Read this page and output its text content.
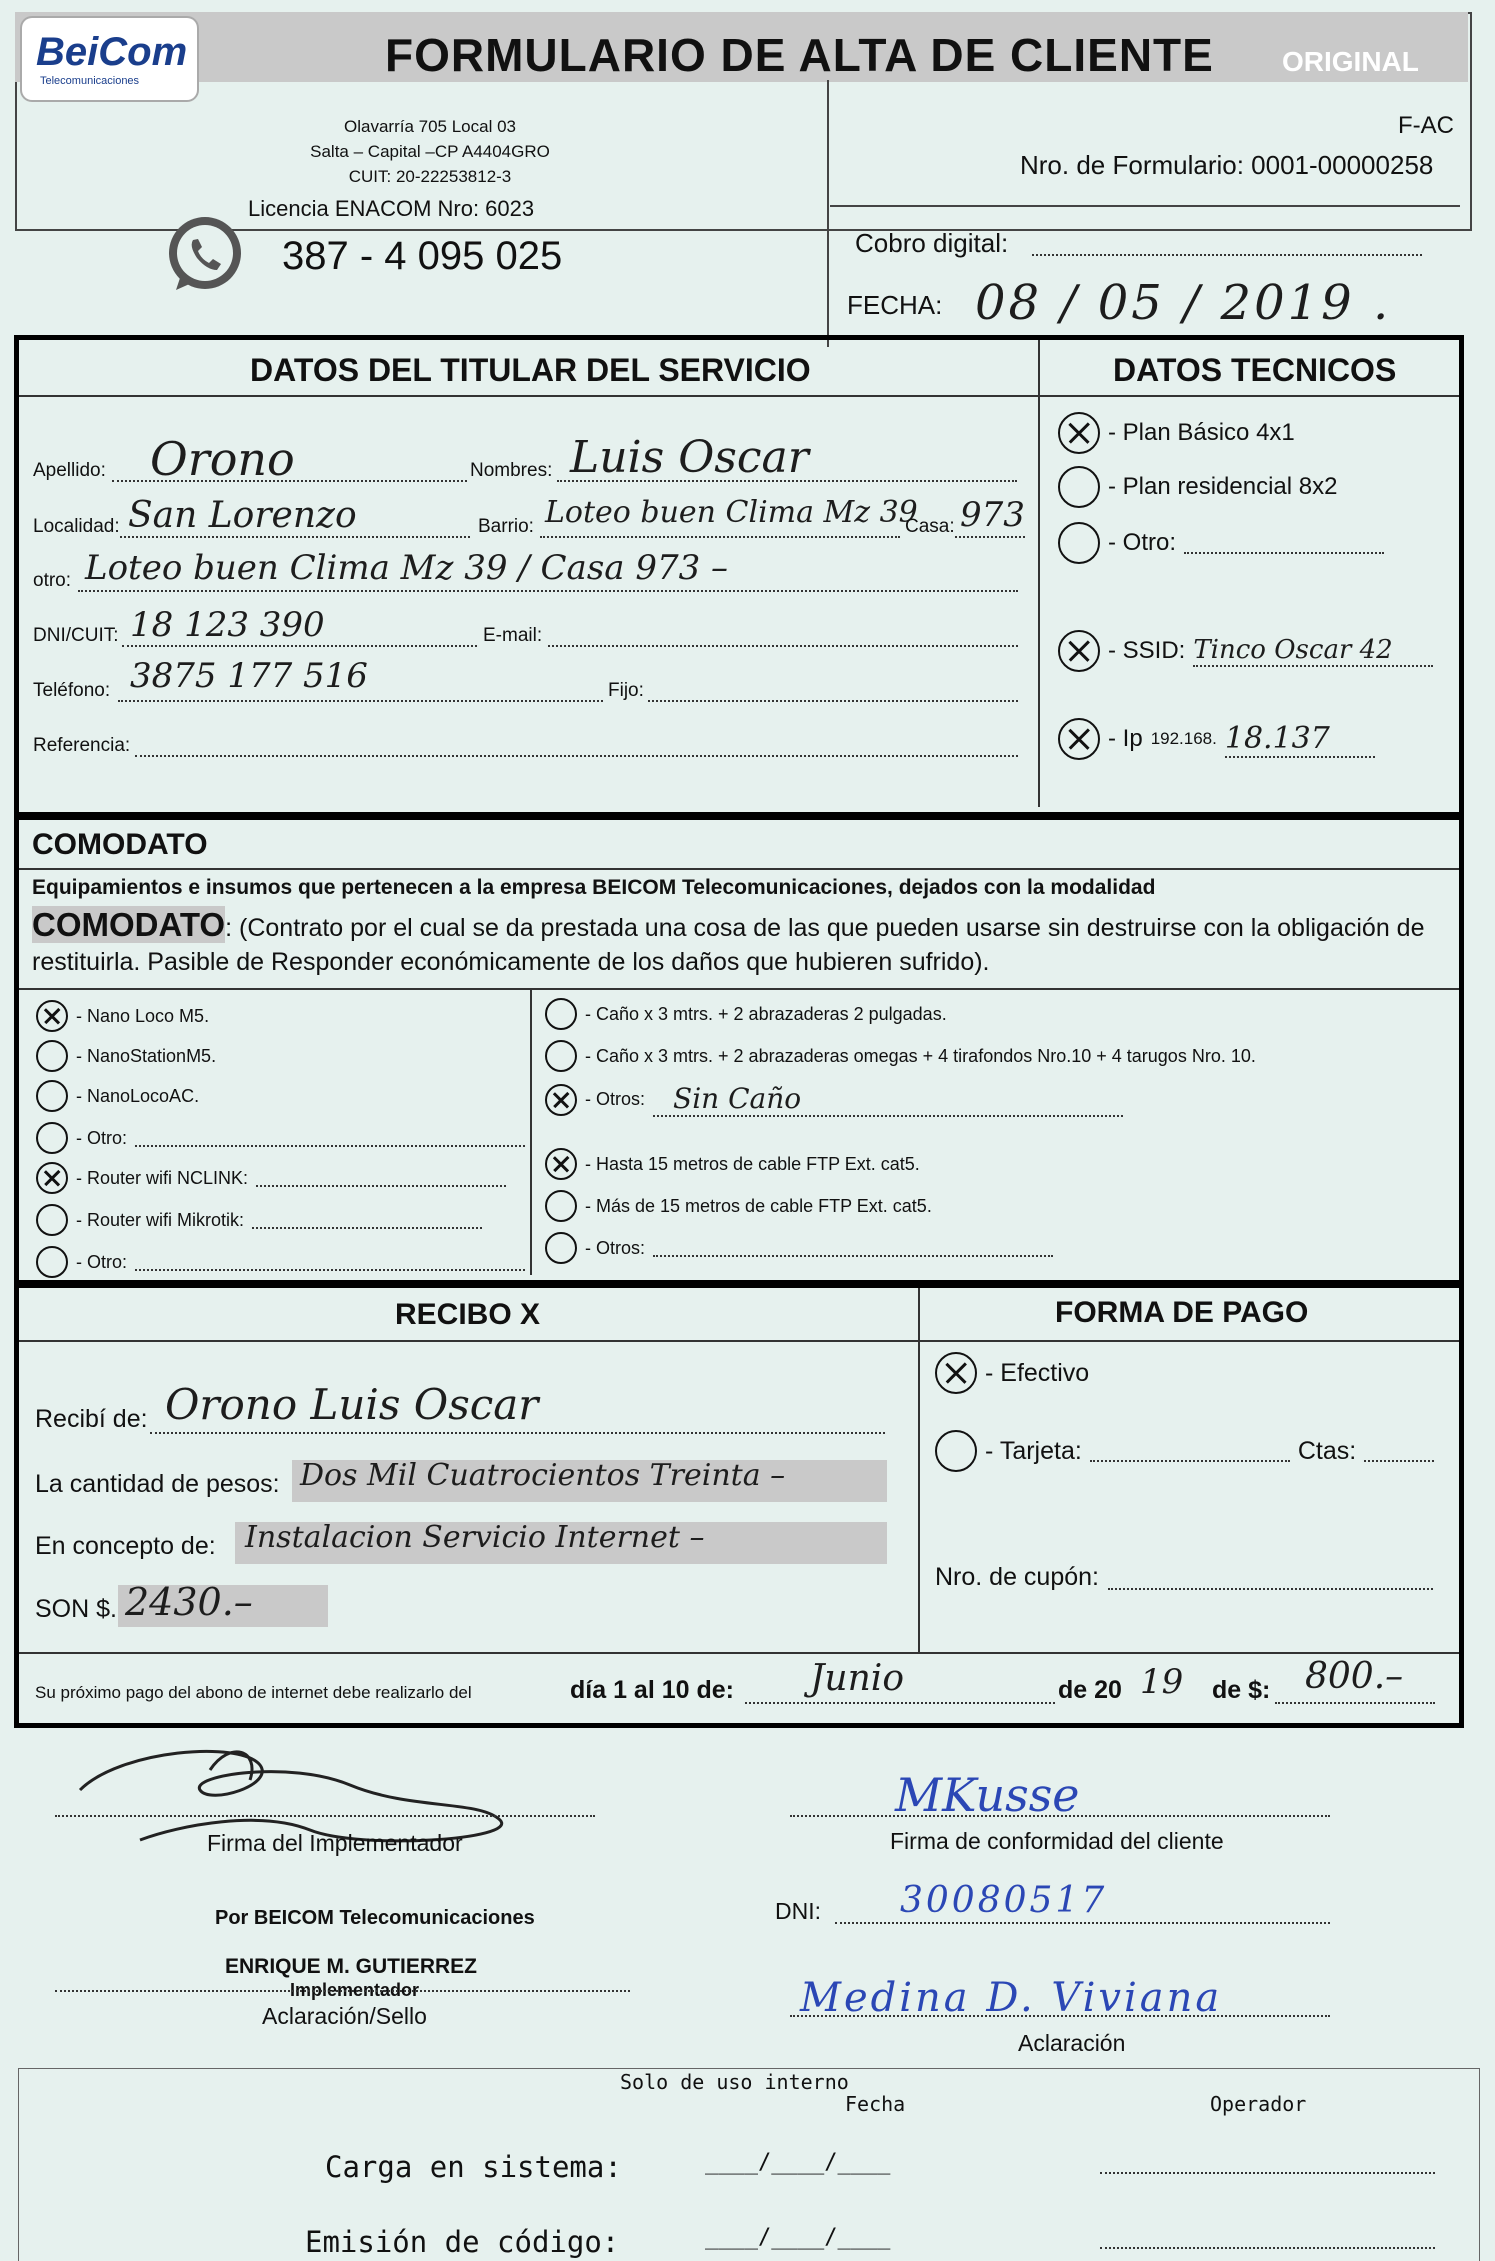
BeiCom
Telecomunicaciones	FORMULARIO DE ALTA DE CLIENTE ORIGINAL
Olavarría 705 Local 03
Salta – Capital –CP A4404GRO
CUIT: 20-22253812-3
Licencia ENACOM Nro: 6023
387 - 4 095 025
F-AC
Nro. de Formulario: 0001-00000258
Cobro digital:
FECHA: 08 / 05 / 2019 .
DATOS DEL TITULAR DEL SERVICIO	DATOS TECNICOS
Apellido: Orono	Nombres: Luis Oscar
Localidad: San Lorenzo	Barrio: Loteo buen Clima Mz 39
Casa: 973
otro: Loteo buen Clima Mz 39 / Casa 973 –
DNI/CUIT: 18 123 390	E-mail:
Teléfono: 3875 177 516	Fijo:
Referencia:
- Plan Básico 4x1
- Plan residencial 8x2
- Otro:
- SSID: Tinco Oscar 42
- Ip 192.168. 18.137
COMODATO
Equipamientos e insumos que pertenecen a la empresa BEICOM Telecomunicaciones, dejados con la modalidad
COMODATO: (Contrato por el cual se da prestada una cosa de las que pueden usarse sin destruirse con la obligación de restituirla. Pasible de Responder económicamente de los daños que hubieren sufrido).
- Nano Loco M5.
- NanoStationM5.
- NanoLocoAC.
- Otro:
- Router wifi NCLINK:
- Router wifi Mikrotik:
- Otro:
- Caño x 3 mtrs. + 2 abrazaderas 2 pulgadas.
- Caño x 3 mtrs. + 2 abrazaderas omegas + 4 tirafondos Nro.10 + 4 tarugos Nro. 10.
- Otros:	Sin Caño
- Hasta 15 metros de cable FTP Ext. cat5.
- Más de 15 metros de cable FTP Ext. cat5.
- Otros:
RECIBO X	FORMA DE PAGO
Recibí de: Orono Luis Oscar
La cantidad de pesos: Dos Mil Cuatrocientos Treinta –
En concepto de: Instalacion Servicio Internet –
SON $. 2430.–
- Efectivo
- Tarjeta:	Ctas:
Nro. de cupón:
Su próximo pago del abono de internet debe realizarlo del	día 1 al 10 de: Junio	de 20 19 de $: 800.–
Firma del Implementador
MKusse
Firma de conformidad del cliente
Por BEICOM Telecomunicaciones
ENRIQUE M. GUTIERREZ
Implementador
Aclaración/Sello
DNI: 30080517
Medina D. Viviana
Aclaración
Solo de uso interno
Fecha	Operador
Carga en sistema:	____/____/____
Emisión de código:	____/____/____
